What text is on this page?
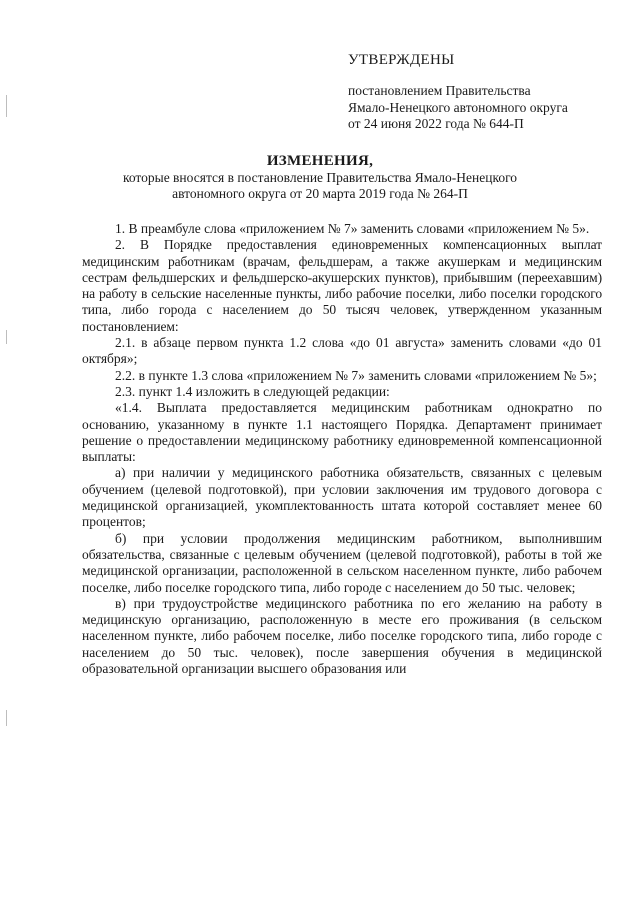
УТВЕРЖДЕНЫ
постановлением Правительства
Ямало-Ненецкого автономного округа
от 24 июня 2022 года № 644-П
ИЗМЕНЕНИЯ,
которые вносятся в постановление Правительства Ямало-Ненецкого
автономного округа от 20 марта 2019 года № 264-П

1. В преамбуле слова «приложением № 7» заменить словами «приложением № 5».

2. В Порядке предоставления единовременных компенсационных выплат медицинским работникам (врачам, фельдшерам, а также акушеркам и медицинским сестрам фельдшерских и фельдшерско-акушерских пунктов), прибывшим (переехавшим) на работу в сельские населенные пункты, либо рабочие поселки, либо поселки городского типа, либо города с населением до 50 тысяч человек, утвержденном указанным постановлением:

2.1. в абзаце первом пункта 1.2 слова «до 01 августа» заменить словами «до 01 октября»;

2.2. в пункте 1.3 слова «приложением № 7» заменить словами «приложением № 5»;

2.3. пункт 1.4 изложить в следующей редакции:

«1.4. Выплата предоставляется медицинским работникам однократно по основанию, указанному в пункте 1.1 настоящего Порядка. Департамент принимает решение о предоставлении медицинскому работнику единовременной компенсационной выплаты:

а) при наличии у медицинского работника обязательств, связанных с целевым обучением (целевой подготовкой), при условии заключения им трудового договора с медицинской организацией, укомплектованность штата которой составляет менее 60 процентов;

б) при условии продолжения медицинским работником, выполнившим обязательства, связанные с целевым обучением (целевой подготовкой), работы в той же медицинской организации, расположенной в сельском населенном пункте, либо рабочем поселке, либо поселке городского типа, либо городе с населением до 50 тыс. человек;

в) при трудоустройстве медицинского работника по его желанию на работу в медицинскую организацию, расположенную в месте его проживания (в сельском населенном пункте, либо рабочем поселке, либо поселке городского типа, либо городе с населением до 50 тыс. человек), после завершения обучения в медицинской образовательной организации высшего образования или
